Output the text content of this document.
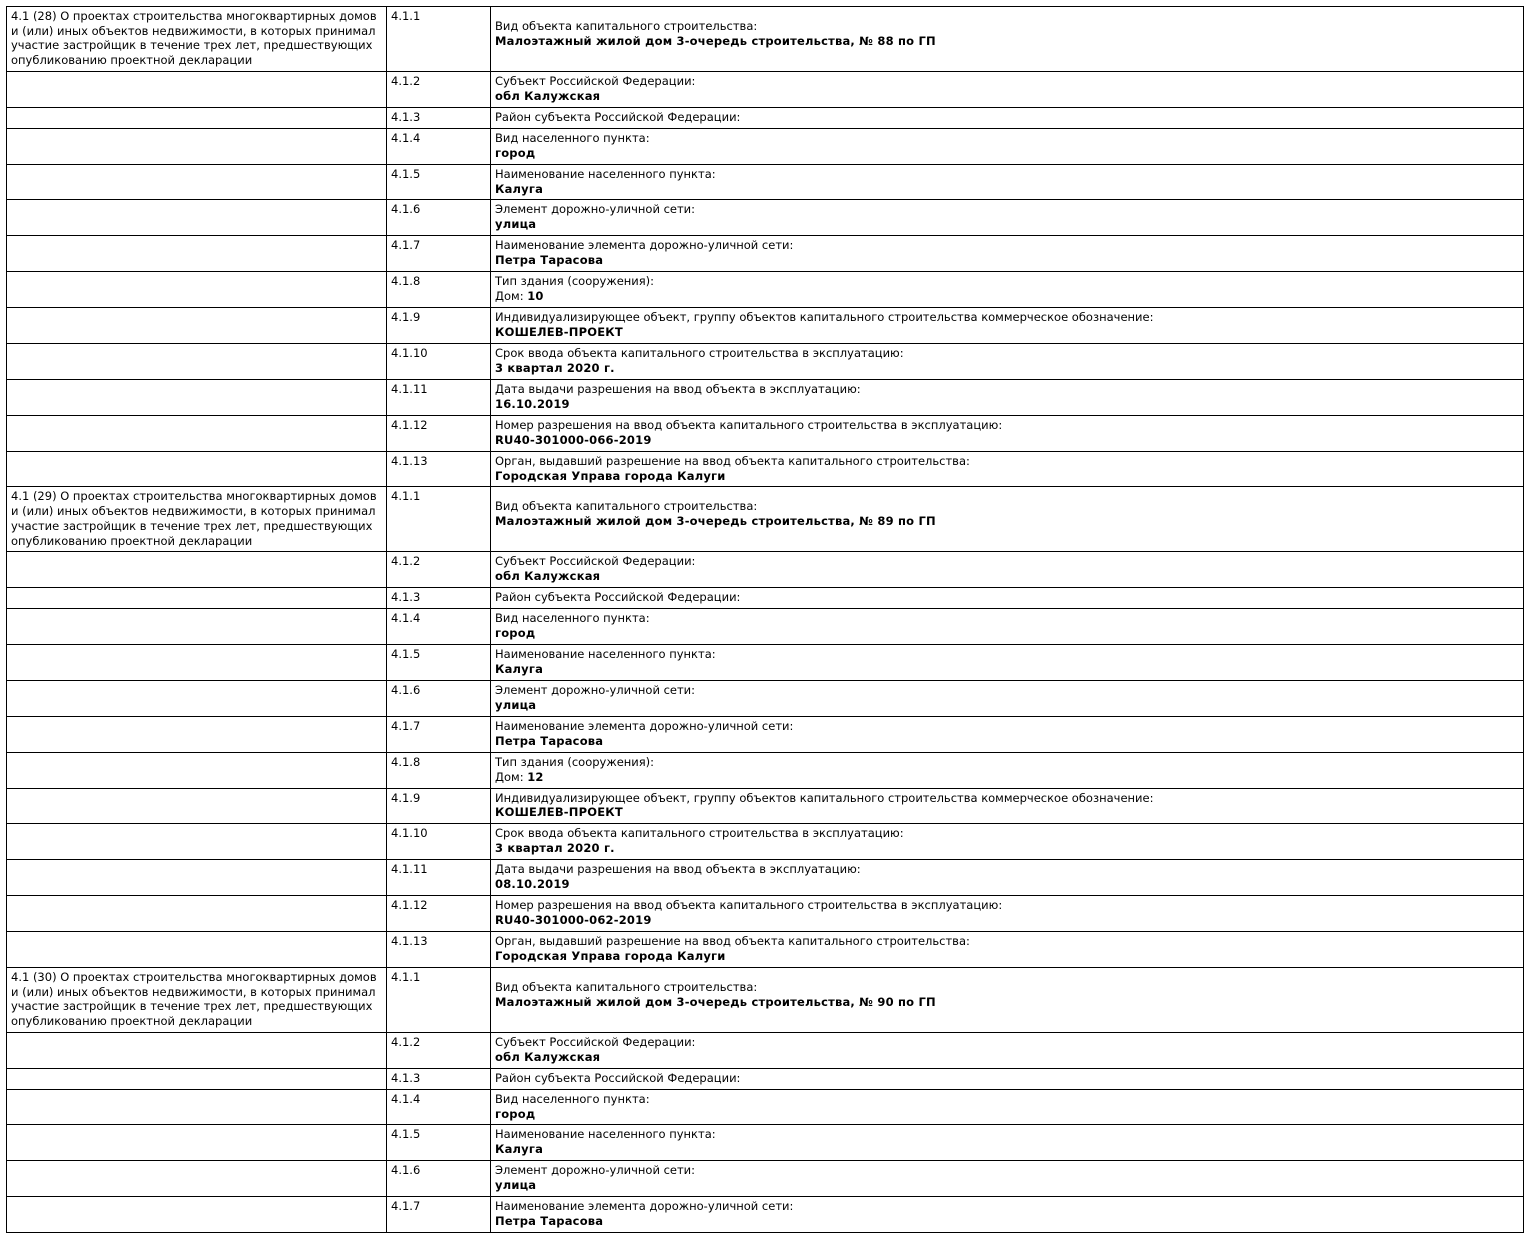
4.1 (28) О проектах строительства многоквартирных домов и (или) иных объектов недвижимости, в которых принимал участие застройщик в течение трех лет, предшествующих опубликованию проектной декларации	4.1.1	Вид объекта капитального строительства:
Малоэтажный жилой дом 3-очередь строительства, № 88 по ГП

	4.1.2	Субъект Российской Федерации:
обл Калужская

	4.1.3	Район субъекта Российской Федерации:

	4.1.4	Вид населенного пункта:
город

	4.1.5	Наименование населенного пункта:
Калуга

	4.1.6	Элемент дорожно-уличной сети:
улица

	4.1.7	Наименование элемента дорожно-уличной сети:
Петра Тарасова

	4.1.8	Тип здания (сооружения):
Дом: 10

	4.1.9	Индивидуализирующее объект, группу объектов капитального строительства коммерческое обозначение:
КОШЕЛЕВ-ПРОЕКТ

	4.1.10	Срок ввода объекта капитального строительства в эксплуатацию:
3 квартал 2020 г.

	4.1.11	Дата выдачи разрешения на ввод объекта в эксплуатацию:
16.10.2019

	4.1.12	Номер разрешения на ввод объекта капитального строительства в эксплуатацию:
RU40-301000-066-2019

	4.1.13	Орган, выдавший разрешение на ввод объекта капитального строительства:
Городская Управа города Калуги

4.1 (29) О проектах строительства многоквартирных домов и (или) иных объектов недвижимости, в которых принимал участие застройщик в течение трех лет, предшествующих опубликованию проектной декларации	4.1.1	Вид объекта капитального строительства:
Малоэтажный жилой дом 3-очередь строительства, № 89 по ГП

	4.1.2	Субъект Российской Федерации:
обл Калужская

	4.1.3	Район субъекта Российской Федерации:

	4.1.4	Вид населенного пункта:
город

	4.1.5	Наименование населенного пункта:
Калуга

	4.1.6	Элемент дорожно-уличной сети:
улица

	4.1.7	Наименование элемента дорожно-уличной сети:
Петра Тарасова

	4.1.8	Тип здания (сооружения):
Дом: 12

	4.1.9	Индивидуализирующее объект, группу объектов капитального строительства коммерческое обозначение:
КОШЕЛЕВ-ПРОЕКТ

	4.1.10	Срок ввода объекта капитального строительства в эксплуатацию:
3 квартал 2020 г.

	4.1.11	Дата выдачи разрешения на ввод объекта в эксплуатацию:
08.10.2019

	4.1.12	Номер разрешения на ввод объекта капитального строительства в эксплуатацию:
RU40-301000-062-2019

	4.1.13	Орган, выдавший разрешение на ввод объекта капитального строительства:
Городская Управа города Калуги

4.1 (30) О проектах строительства многоквартирных домов и (или) иных объектов недвижимости, в которых принимал участие застройщик в течение трех лет, предшествующих опубликованию проектной декларации	4.1.1	Вид объекта капитального строительства:
Малоэтажный жилой дом 3-очередь строительства, № 90 по ГП

	4.1.2	Субъект Российской Федерации:
обл Калужская

	4.1.3	Район субъекта Российской Федерации:

	4.1.4	Вид населенного пункта:
город

	4.1.5	Наименование населенного пункта:
Калуга

	4.1.6	Элемент дорожно-уличной сети:
улица

	4.1.7	Наименование элемента дорожно-уличной сети:
Петра Тарасова
